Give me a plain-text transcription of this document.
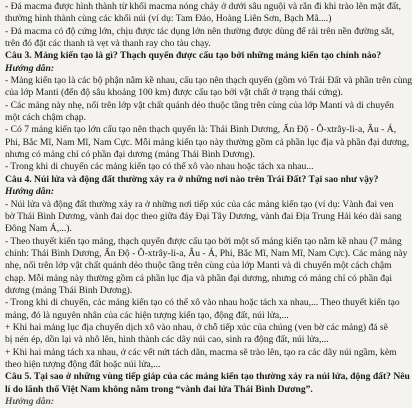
- Đá macma được hình thành từ khối macma nóng chảy ở dưới sâu nguội và rắn đi khi trào lên mặt đất,
thường hình thành cùng các khối núi (ví dụ: Tam Đảo, Hoàng Liên Sơn, Bạch Mã....)
- Đá macma có độ cứng lớn, chịu được tác dụng lớn nên thường được dùng để rải trên nền đường sắt,
trên đó đặt các thanh tà vẹt và thanh ray cho tàu chạy.
Câu 3. Mảng kiến tạo là gì? Thạch quyển được cấu tạo bởi những mảng kiến tạo chính nào?
Hướng dẫn:
- Mảng kiến tạo là các bộ phận nằm kề nhau, cấu tạo nên thạch quyển (gồm vỏ Trái Đất và phần trên cùng
của lớp Manti (đến độ sâu khoảng 100 km) được cấu tạo bởi vật chất ở trạng thái cứng).
- Các mảng này nhẹ, nổi trên lớp vật chất quánh dẻo thuộc tầng trên cùng của lớp Manti và di chuyển
một cách chậm chạp.
- Có 7 mảng kiến tạo lớn cấu tạo nên thạch quyển là: Thái Bình Dương, Ấn Độ - Ô-xtrây-li-a, Âu - Á,
Phi, Bắc Mĩ, Nam Mĩ, Nam Cực. Mỗi mảng kiến tạo này thường gồm cả phần lục địa và phần đại dương,
nhưng có mảng chỉ có phần đại dương (mảng Thái Bình Dương).
- Trong khi di chuyển các mảng kiến tạo có thể xô vào nhau hoặc tách xa nhau...
Câu 4. Núi lửa và động đất thường xảy ra ở những nơi nào trên Trái Đất? Tại sao như vậy?
Hướng dẫn:
- Núi lửa và động đất thường xảy ra ở những nơi tiếp xúc của các mảng kiến tạo (ví dụ: Vành đai ven
bờ Thái Bình Dương, vành đai dọc theo giữa đáy Đại Tây Dương, vành đai Địa Trung Hải kéo dài sang
Đông Nam Á,...).
- Theo thuyết kiến tạo mảng, thạch quyển được cấu tạo bởi một số mảng kiến tạo nằm kề nhau (7 mảng
chính: Thái Bình Dương, Ấn Độ - Ô-xtrây-li-a, Âu - Á, Phi, Bắc Mĩ, Nam Mĩ, Nam Cực). Các mảng này
nhẹ, nổi trên lớp vật chất quánh dẻo thuộc tầng trên cùng của lớp Manti và di chuyển một cách chậm
chạp. Mỗi mảng này thường gồm cả phần lục địa và phần đại dương, nhưng có mảng chỉ có phần đại
dương (mảng Thái Bình Dương).
- Trong khi di chuyển, các mảng kiến tạo có thể xô vào nhau hoặc tách xa nhau,... Theo thuyết kiến tạo
mảng, đó là nguyên nhân của các hiện tượng kiến tạo, động đất, núi lửa,...
+ Khi hai mảng lục địa chuyển dịch xô vào nhau, ở chỗ tiếp xúc của chúng (ven bờ các mảng) đá sẽ
bị nén ép, dồn lại và nhô lên, hình thành các dãy núi cao, sinh ra động đất, núi lửa,...
+ Khi hai mảng tách xa nhau, ở các vết nứt tách dãn, macma sẽ trào lên, tạo ra các dãy núi ngầm, kèm
theo hiện tượng động đất hoặc núi lửa,...
Câu 5. Tại sao ở những vùng tiếp giáp của các mảng kiến tạo thường xảy ra núi lửa, động đất? Nêu
lí do lãnh thổ Việt Nam không nằm trong “vành đai lửa Thái Bình Dương”.
Hướng dẫn:
